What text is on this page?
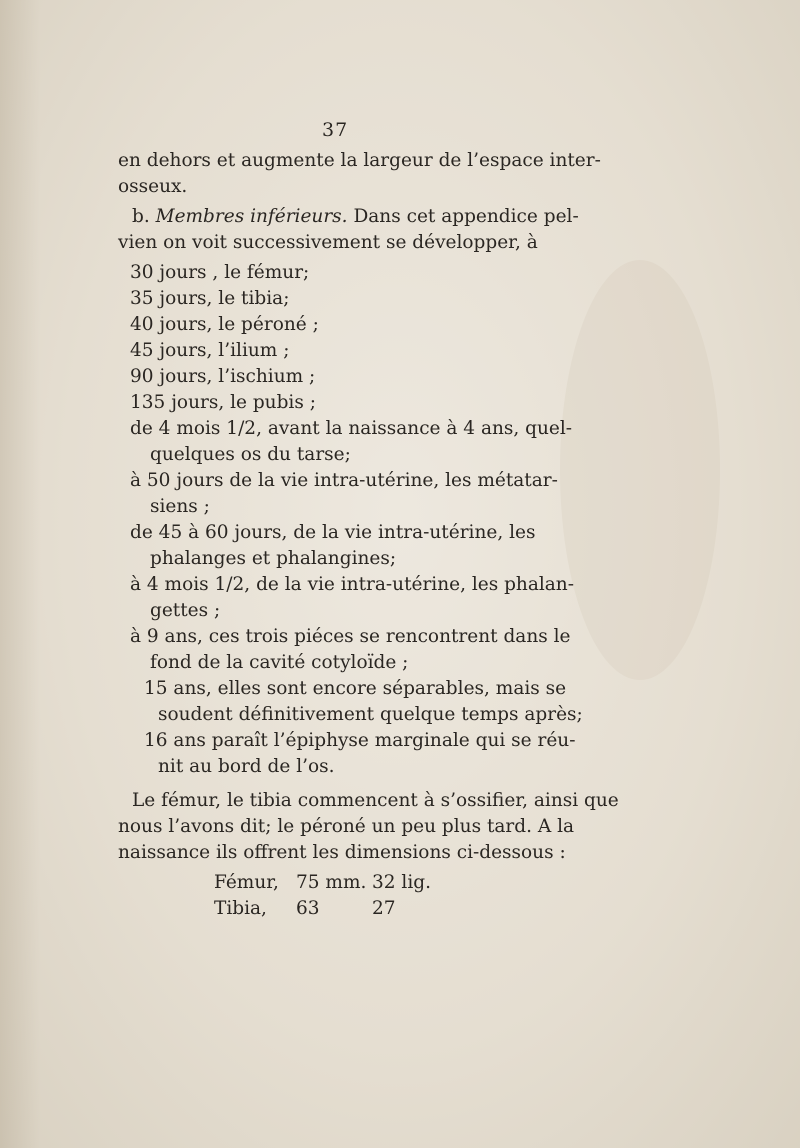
37
en dehors et augmente la largeur de l’espace inter-
osseux.
b. Membres inférieurs. Dans cet appendice pel-
vien on voit successivement se développer, à
30 jours , le fémur;
35 jours, le tibia;
40 jours, le péroné ;
45 jours, l’ilium ;
90 jours, l’ischium ;
135 jours, le pubis ;
de 4 mois 1/2, avant la naissance à 4 ans, quel-
quelques os du tarse;
à 50 jours de la vie intra-utérine, les métatar-
siens ;
de 45 à 60 jours, de la vie intra-utérine, les
phalanges et phalangines;
à 4 mois 1/2, de la vie intra-utérine, les phalan-
gettes ;
à 9 ans, ces trois piéces se rencontrent dans le
fond de la cavité cotyloïde ;
15 ans, elles sont encore séparables, mais se
soudent définitivement quelque temps après;
16 ans paraît l’épiphyse marginale qui se réu-
nit au bord de l’os.
Le fémur, le tibia commencent à s’ossifier, ainsi que
nous l’avons dit; le péroné un peu plus tard. A la
naissance ils offrent les dimensions ci-dessous :
Fémur, 75 mm. 32 lig.
Tibia,	63	27
